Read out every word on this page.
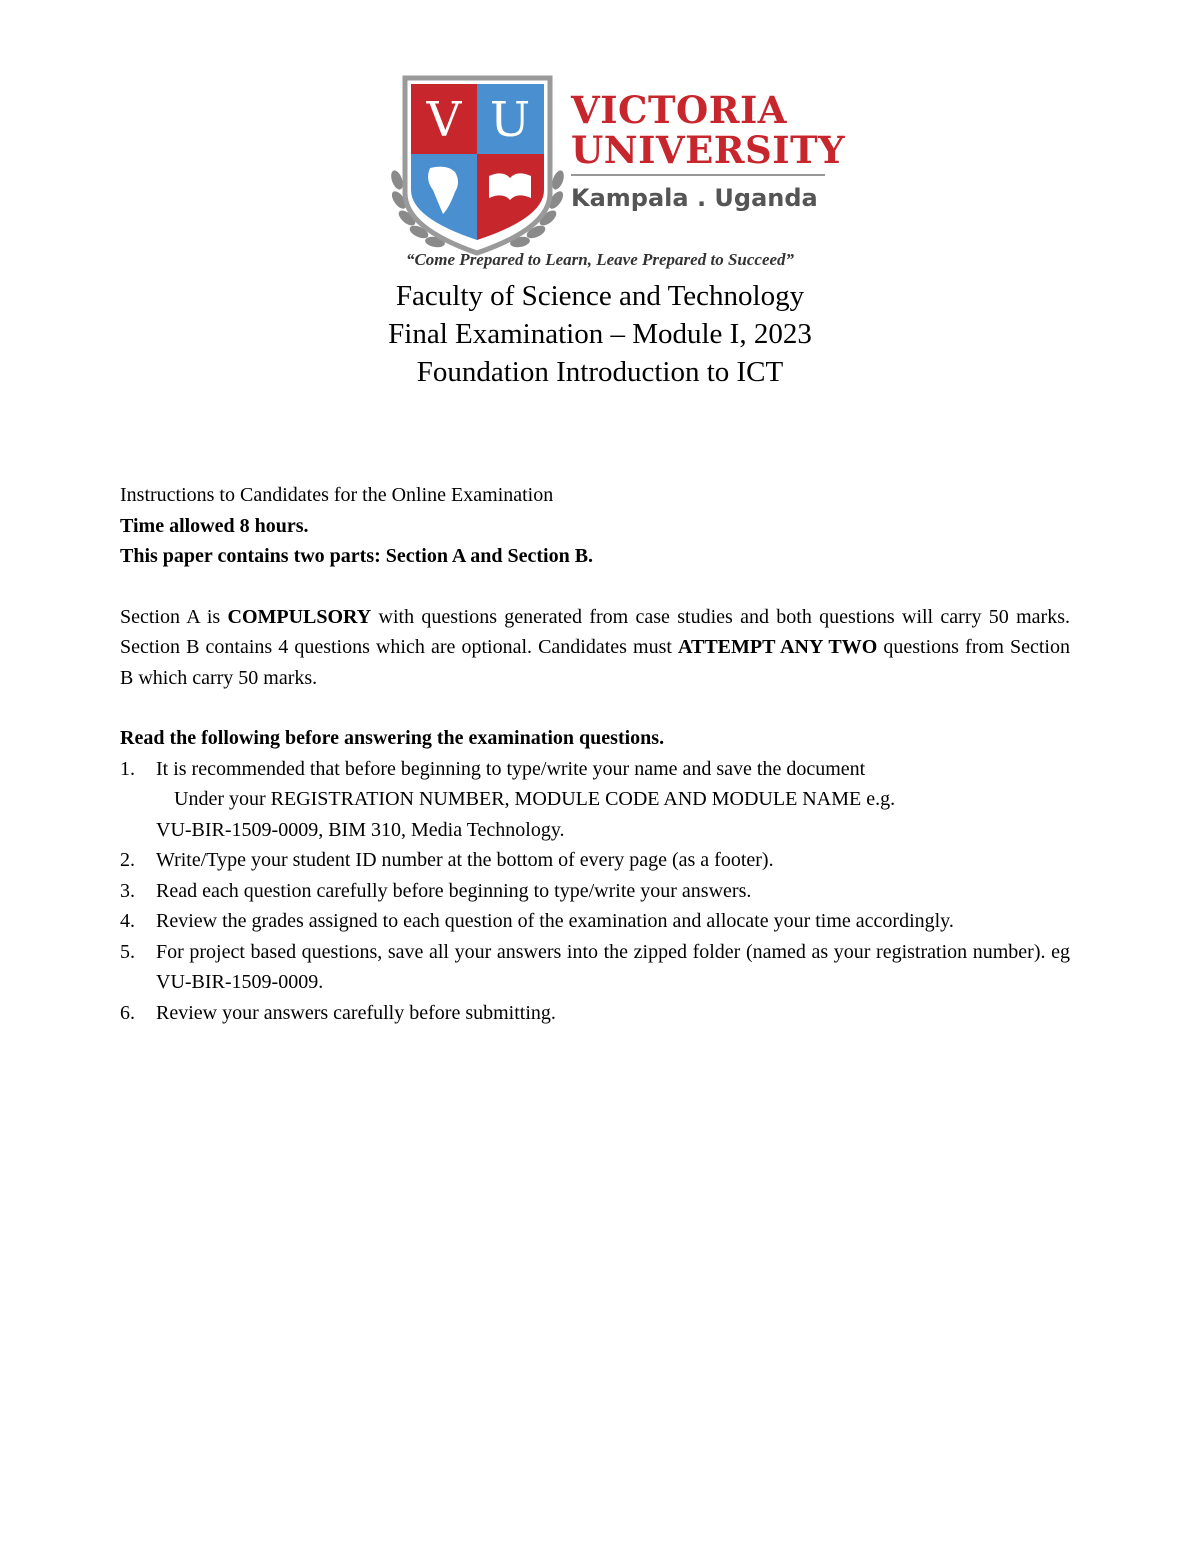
V U VICTORIA
UNIVERSITY
Kampala . Uganda
“Come Prepared to Learn, Leave Prepared to Succeed”
Faculty of Science and Technology
Final Examination – Module I, 2023
Foundation Introduction to ICT

Instructions to Candidates for the Online Examination

Time allowed 8 hours.

This paper contains two parts: Section A and Section B.

Section A is COMPULSORY with questions generated from case studies and both questions will carry 50 marks. Section B contains 4 questions which are optional. Candidates must ATTEMPT ANY TWO questions from Section B which carry 50 marks.

Read the following before answering the examination questions.

1. It is recommended that before beginning to type/write your name and save the document
Under your REGISTRATION NUMBER, MODULE CODE AND MODULE NAME e.g.
VU-BIR-1509-0009, BIM 310, Media Technology.
2. Write/Type your student ID number at the bottom of every page (as a footer).
3. Read each question carefully before beginning to type/write your answers.
4. Review the grades assigned to each question of the examination and allocate your time accordingly.
5. For project based questions, save all your answers into the zipped folder (named as your registration number). eg VU-BIR-1509-0009.
6. Review your answers carefully before submitting.
